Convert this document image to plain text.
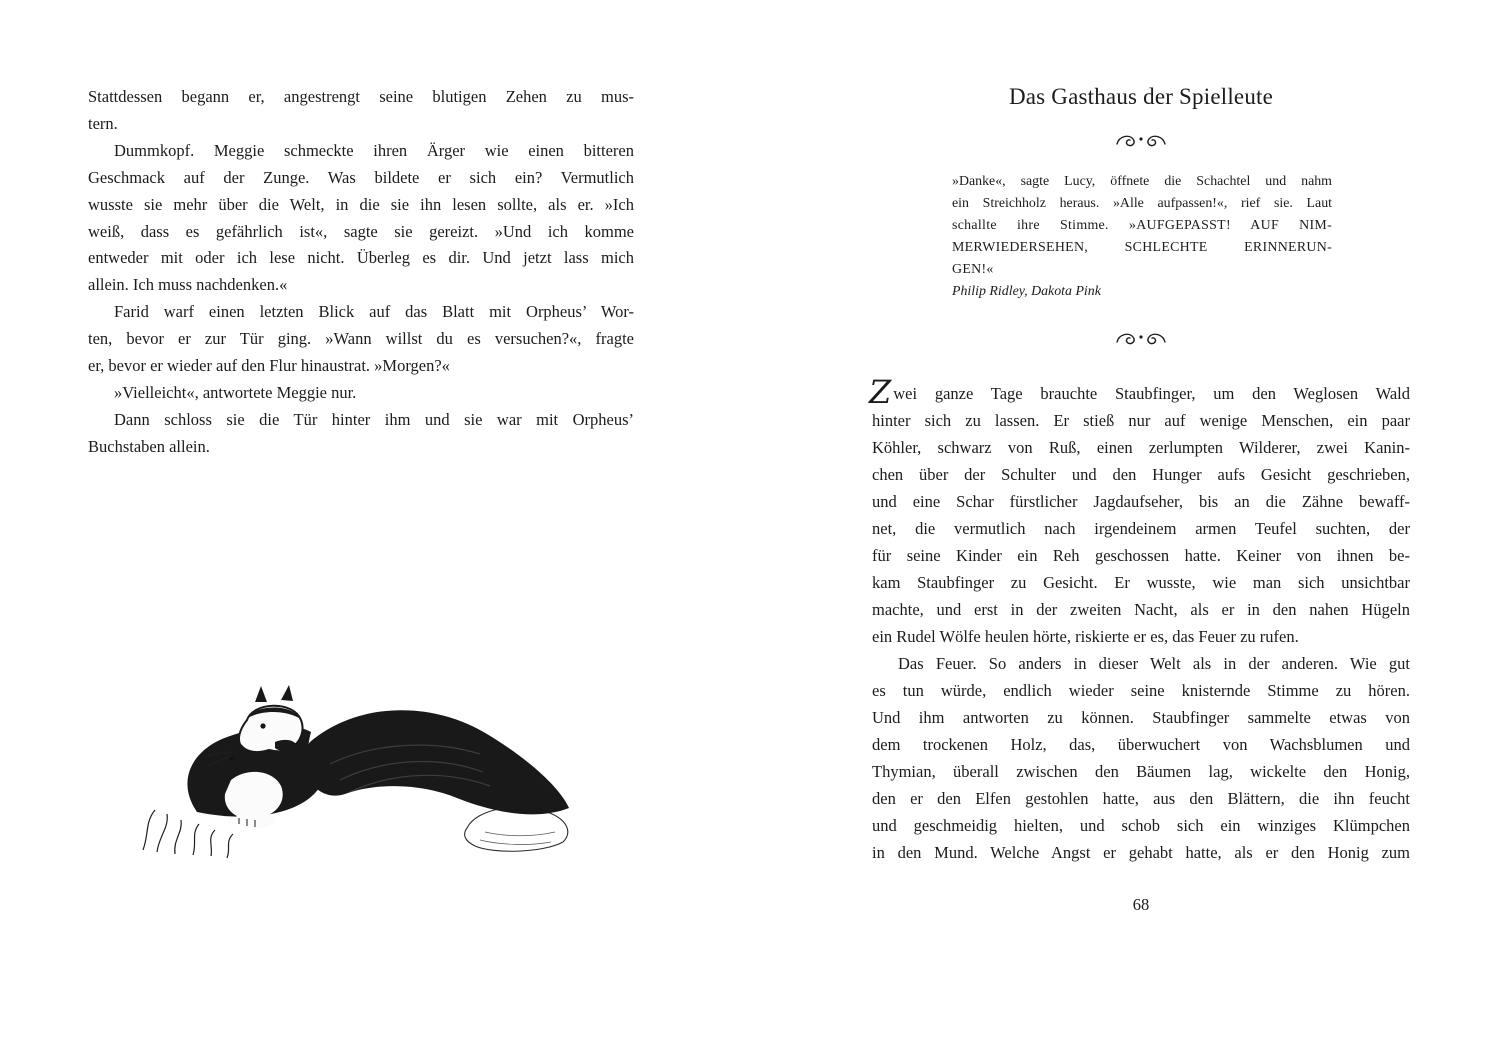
Stattdessen begann er, angestrengt seine blutigen Zehen zu mus-
tern.
Dummkopf. Meggie schmeckte ihren Ärger wie einen bitteren
Geschmack auf der Zunge. Was bildete er sich ein? Vermutlich
wusste sie mehr über die Welt, in die sie ihn lesen sollte, als er. »Ich
weiß, dass es gefährlich ist«, sagte sie gereizt. »Und ich komme
entweder mit oder ich lese nicht. Überleg es dir. Und jetzt lass mich
allein. Ich muss nachdenken.«
Farid warf einen letzten Blick auf das Blatt mit Orpheus’ Wor-
ten, bevor er zur Tür ging. »Wann willst du es versuchen?«, fragte
er, bevor er wieder auf den Flur hinaustrat. »Morgen?«
»Vielleicht«, antwortete Meggie nur.
Dann schloss sie die Tür hinter ihm und sie war mit Orpheus’
Buchstaben allein.
Das Gasthaus der Spielleute
»Danke«, sagte Lucy, öffnete die Schachtel und nahm
ein Streichholz heraus. »Alle aufpassen!«, rief sie. Laut
schallte ihre Stimme. »AUFGEPASST! AUF NIM-
MERWIEDERSEHEN, SCHLECHTE ERINNERUN-
GEN!«
Philip Ridley, Dakota Pink
Zwei ganze Tage brauchte Staubfinger, um den Weglosen Wald
hinter sich zu lassen. Er stieß nur auf wenige Menschen, ein paar
Köhler, schwarz von Ruß, einen zerlumpten Wilderer, zwei Kanin-
chen über der Schulter und den Hunger aufs Gesicht geschrieben,
und eine Schar fürstlicher Jagdaufseher, bis an die Zähne bewaff-
net, die vermutlich nach irgendeinem armen Teufel suchten, der
für seine Kinder ein Reh geschossen hatte. Keiner von ihnen be-
kam Staubfinger zu Gesicht. Er wusste, wie man sich unsichtbar
machte, und erst in der zweiten Nacht, als er in den nahen Hügeln
ein Rudel Wölfe heulen hörte, riskierte er es, das Feuer zu rufen.
Das Feuer. So anders in dieser Welt als in der anderen. Wie gut
es tun würde, endlich wieder seine knisternde Stimme zu hören.
Und ihm antworten zu können. Staubfinger sammelte etwas von
dem trockenen Holz, das, überwuchert von Wachsblumen und
Thymian, überall zwischen den Bäumen lag, wickelte den Honig,
den er den Elfen gestohlen hatte, aus den Blättern, die ihn feucht
und geschmeidig hielten, und schob sich ein winziges Klümpchen
in den Mund. Welche Angst er gehabt hatte, als er den Honig zum
68
